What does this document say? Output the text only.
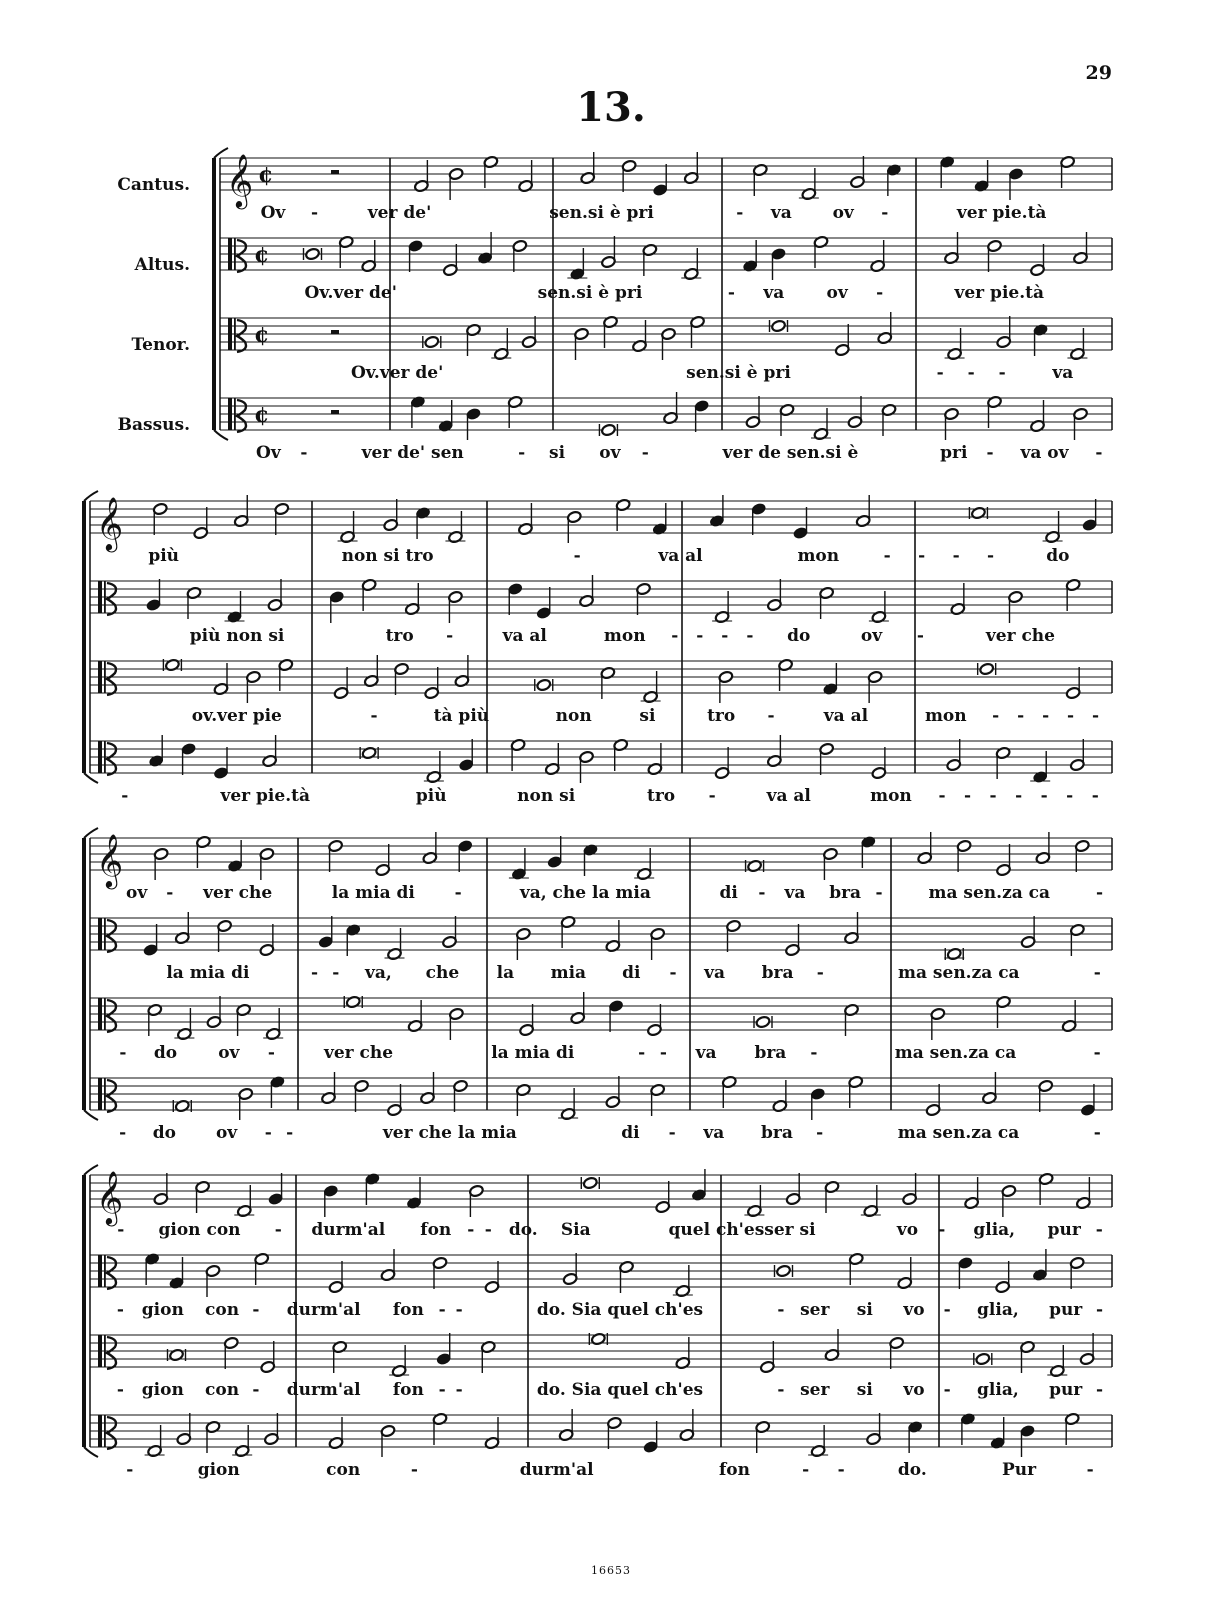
29
13.
16653
Cantus.
Altus.
Tenor.
Bassus.
𝄞 ¢
Ov -	ver de'	sen.si è pri	- va ov -	ver pie.tà
¢
Ov.ver de'	sen.si è pri	- va ov -	ver pie.tà
¢
Ov.ver de'	sen.si è pri	- - -	va
¢
Ov -	ver de' sen	- si ov -	ver de sen.si è	pri - va ov -
𝄞
più	non si tro	-	va al	mon	- - - -	do
più non si	tro -	va al	mon - - - - do	ov -	ver che
ov.ver pie	-	tà più	non	si	tro -	va al	mon - - - - -
-	ver pie.tà	più	non si	tro -	va al	mon - - - - - - -
𝄞
ov - ver che	la mia di -	va, che la mia	di - va bra -	ma sen.za ca	-
la mia di	- - va, che la mia di - va bra -	ma sen.za ca	-
- do ov -	ver che	la mia di	- - va bra -	ma sen.za ca	-
- do ov - -	ver che la mia	di - va bra -	ma sen.za ca	-
𝄞
- gion con - durm'al fon - - do. Sia	quel ch'esser si	vo - glia, pur -
- gion con - durm'al fon - -	do. Sia quel ch'es	- ser si vo - glia, pur -
- gion con - durm'al fon - -	do. Sia quel ch'es	- ser si vo - glia, pur -
-	gion	con	-	durm'al	fon	- -	do.	Pur	-
